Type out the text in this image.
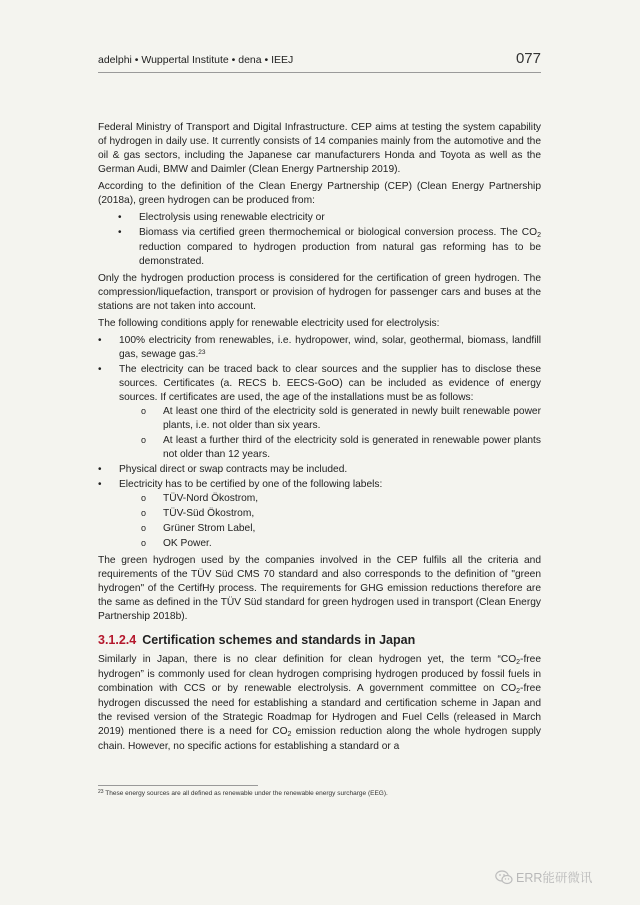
adelphi • Wuppertal Institute • dena • IEEJ	077

Federal Ministry of Transport and Digital Infrastructure. CEP aims at testing the system capability of hydrogen in daily use. It currently consists of 14 companies mainly from the automotive and the oil & gas sectors, including the Japanese car manufacturers Honda and Toyota as well as the German Audi, BMW and Daimler (Clean Energy Partnership 2019).

According to the definition of the Clean Energy Partnership (CEP) (Clean Energy Partnership (2018a), green hydrogen can be produced from:

• Electrolysis using renewable electricity or
• Biomass via certified green thermochemical or biological conversion process. The $CO_2$ reduction compared to hydrogen production from natural gas reforming has to be demonstrated.

Only the hydrogen production process is considered for the certification of green hydrogen. The compression/liquefaction, transport or provision of hydrogen for passenger cars and buses at the stations are not taken into account.

The following conditions apply for renewable electricity used for electrolysis:

• 100% electricity from renewables, i.e. hydropower, wind, solar, geothermal, biomass, landfill gas, sewage gas.$^{23}$
• The electricity can be traced back to clear sources and the supplier has to disclose these sources. Certificates (a. RECS b. EECS-GoO) can be included as evidence of energy sources. If certificates are used, the age of the installations must be as follows:
o At least one third of the electricity sold is generated in newly built renewable power plants, i.e. not older than six years.
o At least a further third of the electricity sold is generated in renewable power plants not older than 12 years.
• Physical direct or swap contracts may be included.
• Electricity has to be certified by one of the following labels:
o TÜV-Nord Ökostrom,
o TÜV-Süd Ökostrom,
o Grüner Strom Label,
o OK Power.

The green hydrogen used by the companies involved in the CEP fulfils all the criteria and requirements of the TÜV Süd CMS 70 standard and also corresponds to the definition of "green hydrogen" of the CertifHy process. The requirements for GHG emission reductions therefore are the same as defined in the TÜV Süd standard for green hydrogen used in transport (Clean Energy Partnership 2018b).

3.1.2.4 Certification schemes and standards in Japan

Similarly in Japan, there is no clear definition for clean hydrogen yet, the term “$CO_2$-free hydrogen” is commonly used for clean hydrogen comprising hydrogen produced by fossil fuels in combination with CCS or by renewable electrolysis. A government committee on $CO_2$-free hydrogen discussed the need for establishing a standard and certification scheme in Japan and the revised version of the Strategic Roadmap for Hydrogen and Fuel Cells (released in March 2019) mentioned there is a need for $CO_2$ emission reduction along the whole hydrogen supply chain. However, no specific actions for establishing a standard or a

$^{23}$ These energy sources are all defined as renewable under the renewable energy surcharge (EEG).
ERR能研微讯
